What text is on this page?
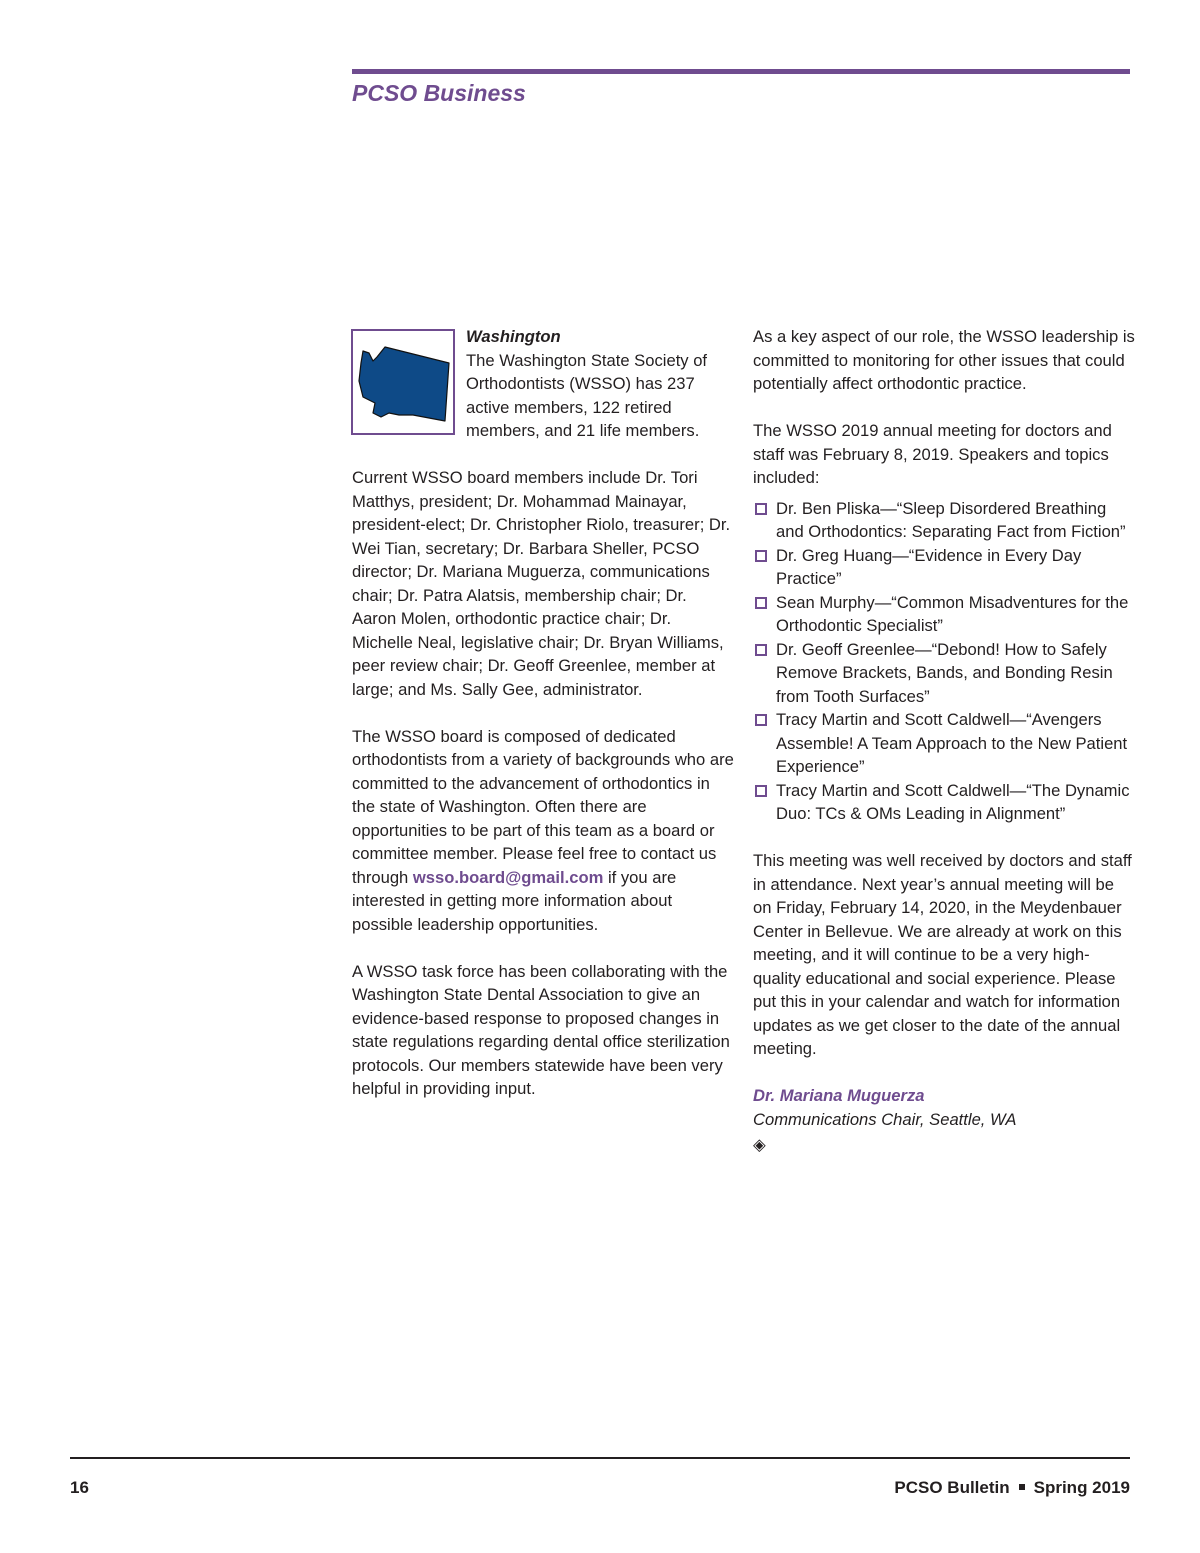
PCSO Business

Washington

The Washington State Society of Orthodontists (WSSO) has 237 active members, 122 retired members, and 21 life members.

Current WSSO board members include Dr. Tori Matthys, president; Dr. Mohammad Mainayar, president-elect; Dr. Christopher Riolo, treasurer; Dr. Wei Tian, secretary; Dr. Barbara Sheller, PCSO director; Dr. Mariana Muguerza, communications chair; Dr. Patra Alatsis, membership chair; Dr. Aaron Molen, orthodontic practice chair; Dr. Michelle Neal, legislative chair; Dr. Bryan Williams, peer review chair; Dr. Geoff Greenlee, member at large; and Ms. Sally Gee, administrator.

The WSSO board is composed of dedicated orthodontists from a variety of backgrounds who are committed to the advancement of orthodontics in the state of Washington. Often there are opportunities to be part of this team as a board or committee member. Please feel free to contact us through wsso.board@gmail.com if you are interested in getting more information about possible leadership opportunities.

A WSSO task force has been collaborating with the Washington State Dental Association to give an evidence-based response to proposed changes in state regulations regarding dental office sterilization protocols. Our members statewide have been very helpful in providing input.

As a key aspect of our role, the WSSO leadership is committed to monitoring for other issues that could potentially affect orthodontic practice.

The WSSO 2019 annual meeting for doctors and staff was February 8, 2019. Speakers and topics included:

Dr. Ben Pliska—“Sleep Disordered Breathing and Orthodontics: Separating Fact from Fiction”
Dr. Greg Huang—“Evidence in Every Day Practice”
Sean Murphy—“Common Misadventures for the Orthodontic Specialist”
Dr. Geoff Greenlee—“Debond! How to Safely Remove Brackets, Bands, and Bonding Resin from Tooth Surfaces”
Tracy Martin and Scott Caldwell—“Avengers Assemble! A Team Approach to the New Patient Experience”
Tracy Martin and Scott Caldwell—“The Dynamic Duo: TCs & OMs Leading in Alignment”

This meeting was well received by doctors and staff in attendance. Next year’s annual meeting will be on Friday, February 14, 2020, in the Meydenbauer Center in Bellevue. We are already at work on this meeting, and it will continue to be a very high-quality educational and social experience. Please put this in your calendar and watch for information updates as we get closer to the date of the annual meeting.

Dr. Mariana Muguerza

Communications Chair, Seattle, WA

◈
16	PCSO Bulletin Spring 2019
